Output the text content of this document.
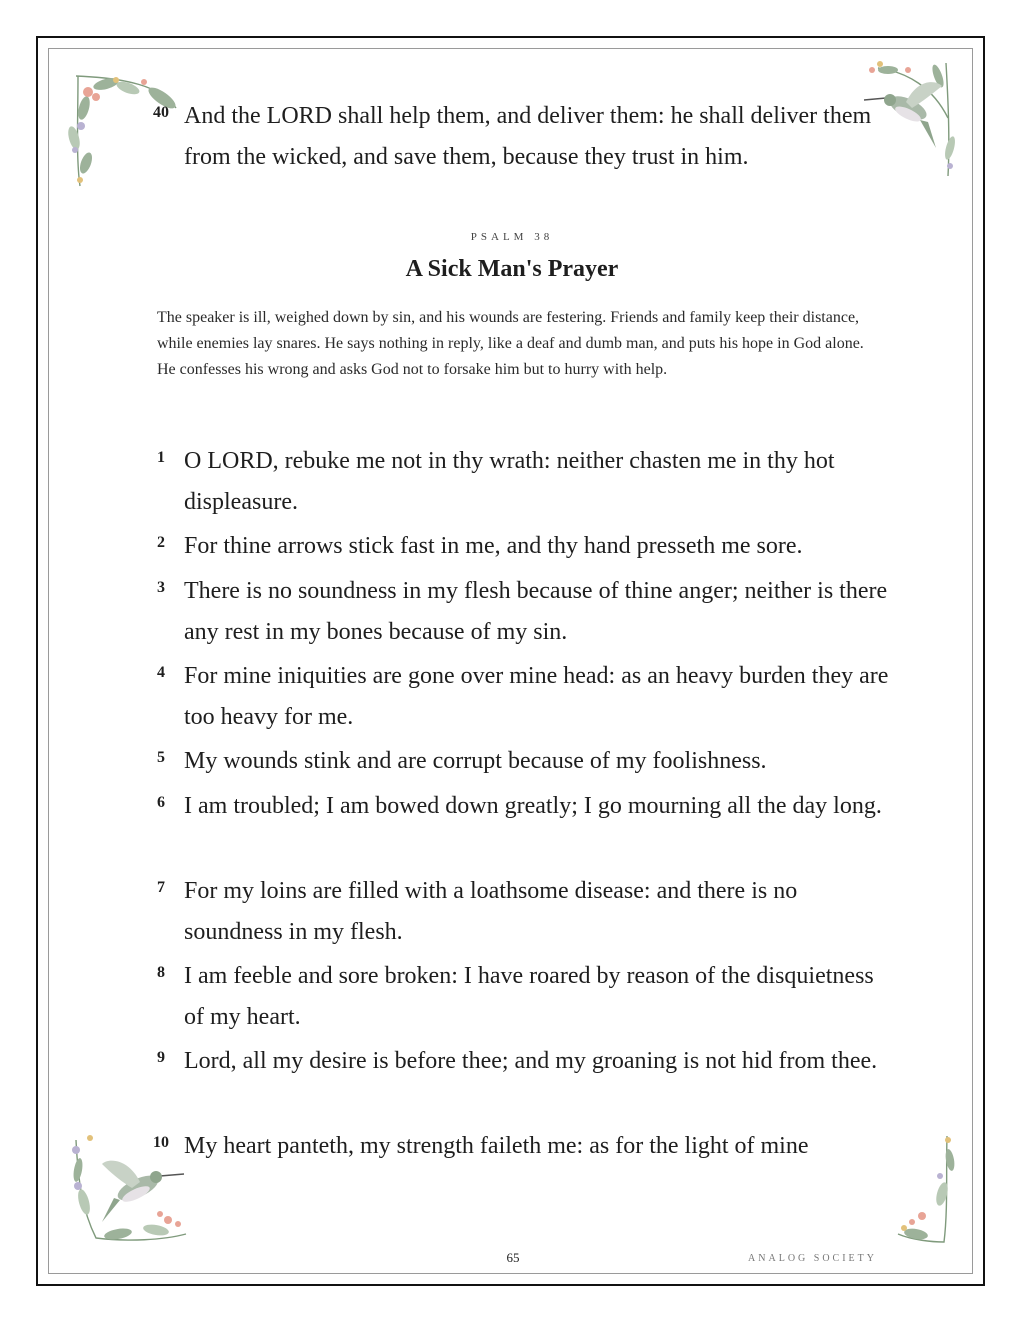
40 And the LORD shall help them, and deliver them: he shall deliver them from the wicked, and save them, because they trust in him.
PSALM 38
A Sick Man's Prayer
The speaker is ill, weighed down by sin, and his wounds are festering. Friends and family keep their distance, while enemies lay snares. He says nothing in reply, like a deaf and dumb man, and puts his hope in God alone. He confesses his wrong and asks God not to forsake him but to hurry with help.
1 O LORD, rebuke me not in thy wrath: neither chasten me in thy hot displeasure.
2 For thine arrows stick fast in me, and thy hand presseth me sore.
3 There is no soundness in my flesh because of thine anger; neither is there any rest in my bones because of my sin.
4 For mine iniquities are gone over mine head: as an heavy burden they are too heavy for me.
5 My wounds stink and are corrupt because of my foolishness.
6 I am troubled; I am bowed down greatly; I go mourning all the day long.
7 For my loins are filled with a loathsome disease: and there is no soundness in my flesh.
8 I am feeble and sore broken: I have roared by reason of the disquietness of my heart.
9 Lord, all my desire is before thee; and my groaning is not hid from thee.
10 My heart panteth, my strength faileth me: as for the light of mine
65	ANALOG SOCIETY
